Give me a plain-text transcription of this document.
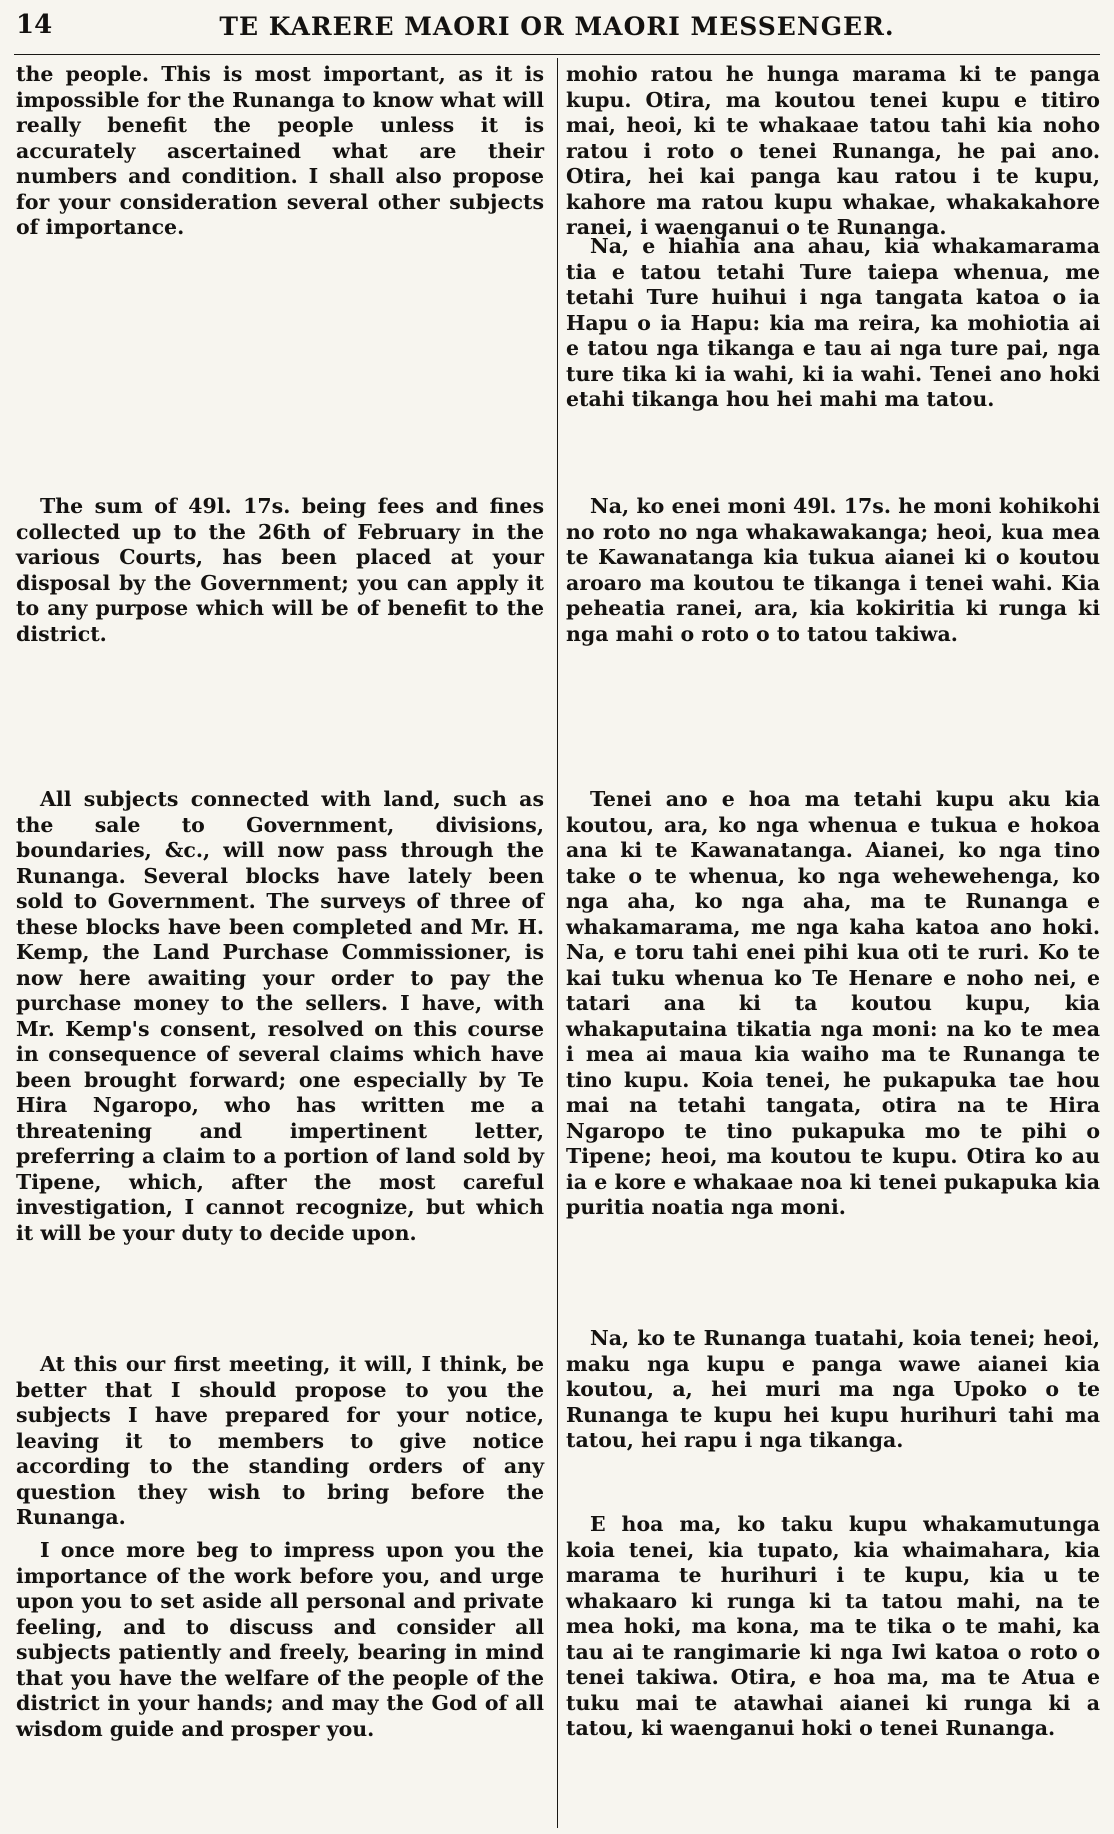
14	TE KARERE MAORI OR MAORI MESSENGER.

the people. This is most important, as it is impossible for the Runanga to know what will really benefit the people unless it is accurately ascertained what are their numbers and condition. I shall also propose for your consideration several other subjects of importance.

The sum of 49l. 17s. being fees and fines collected up to the 26th of February in the various Courts, has been placed at your disposal by the Government; you can apply it to any purpose which will be of benefit to the district.

All subjects connected with land, such as the sale to Government, divisions, boundaries, &c., will now pass through the Runanga. Several blocks have lately been sold to Government. The surveys of three of these blocks have been completed and Mr. H. Kemp, the Land Purchase Commissioner, is now here awaiting your order to pay the purchase money to the sellers. I have, with Mr. Kemp's consent, resolved on this course in consequence of several claims which have been brought forward; one especially by Te Hira Ngaropo, who has written me a threatening and impertinent letter, preferring a claim to a portion of land sold by Tipene, which, after the most careful investigation, I cannot recognize, but which it will be your duty to decide upon.

At this our first meeting, it will, I think, be better that I should propose to you the subjects I have prepared for your notice, leaving it to members to give notice according to the standing orders of any question they wish to bring before the Runanga.

I once more beg to impress upon you the importance of the work before you, and urge upon you to set aside all personal and private feeling, and to discuss and consider all subjects patiently and freely, bearing in mind that you have the welfare of the people of the district in your hands; and may the God of all wisdom guide and prosper you.

mohio ratou he hunga marama ki te panga kupu. Otira, ma koutou tenei kupu e titiro mai, heoi, ki te whakaae tatou tahi kia noho ratou i roto o tenei Runanga, he pai ano. Otira, hei kai panga kau ratou i te kupu, kahore ma ratou kupu whakae, whakakahore ranei, i waenganui o te Runanga.

Na, e hiahia ana ahau, kia whakamarama tia e tatou tetahi Ture taiepa whenua, me tetahi Ture huihui i nga tangata katoa o ia Hapu o ia Hapu: kia ma reira, ka mohiotia ai e tatou nga tikanga e tau ai nga ture pai, nga ture tika ki ia wahi, ki ia wahi. Tenei ano hoki etahi tikanga hou hei mahi ma tatou.

Na, ko enei moni 49l. 17s. he moni kohikohi no roto no nga whakawakanga; heoi, kua mea te Kawanatanga kia tukua aianei ki o koutou aroaro ma koutou te tikanga i tenei wahi. Kia peheatia ranei, ara, kia kokiritia ki runga ki nga mahi o roto o to tatou takiwa.

Tenei ano e hoa ma tetahi kupu aku kia koutou, ara, ko nga whenua e tukua e hokoa ana ki te Kawanatanga. Aianei, ko nga tino take o te whenua, ko nga wehewehenga, ko nga aha, ko nga aha, ma te Runanga e whakamarama, me nga kaha katoa ano hoki. Na, e toru tahi enei pihi kua oti te ruri. Ko te kai tuku whenua ko Te Henare e noho nei, e tatari ana ki ta koutou kupu, kia whakaputaina tikatia nga moni: na ko te mea i mea ai maua kia waiho ma te Runanga te tino kupu. Koia tenei, he pukapuka tae hou mai na tetahi tangata, otira na te Hira Ngaropo te tino pukapuka mo te pihi o Tipene; heoi, ma koutou te kupu. Otira ko au ia e kore e whakaae noa ki tenei pukapuka kia puritia noatia nga moni.

Na, ko te Runanga tuatahi, koia tenei; heoi, maku nga kupu e panga wawe aianei kia koutou, a, hei muri ma nga Upoko o te Runanga te kupu hei kupu hurihuri tahi ma tatou, hei rapu i nga tikanga.

E hoa ma, ko taku kupu whakamutunga koia tenei, kia tupato, kia whaimahara, kia marama te hurihuri i te kupu, kia u te whakaaro ki runga ki ta tatou mahi, na te mea hoki, ma kona, ma te tika o te mahi, ka tau ai te rangimarie ki nga Iwi katoa o roto o tenei takiwa. Otira, e hoa ma, ma te Atua e tuku mai te atawhai aianei ki runga ki a tatou, ki waenganui hoki o tenei Runanga.
